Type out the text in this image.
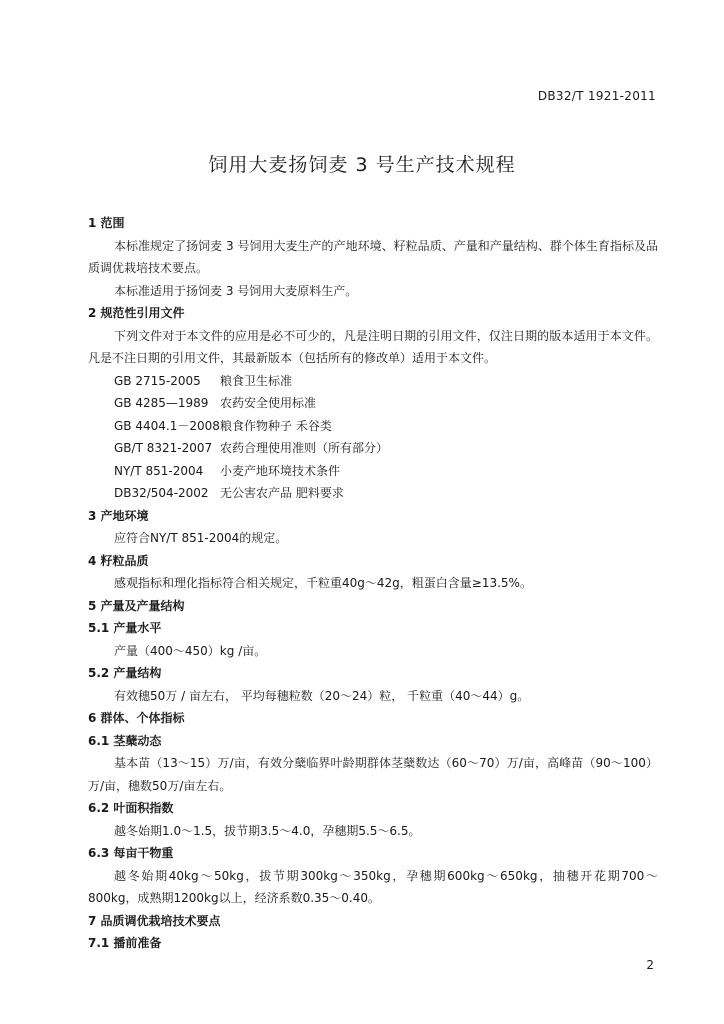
DB32/T 1921-2011
饲用大麦扬饲麦 3 号生产技术规程
1 范围
本标准规定了扬饲麦 3 号饲用大麦生产的产地环境、籽粒品质、产量和产量结构、群个体生育指标及品质调优栽培技术要点。
本标准适用于扬饲麦 3 号饲用大麦原料生产。
2 规范性引用文件
下列文件对于本文件的应用是必不可少的，凡是注明日期的引用文件，仅注日期的版本适用于本文件。凡是不注日期的引用文件，其最新版本（包括所有的修改单）适用于本文件。
GB 2715-2005	粮食卫生标准
GB 4285—1989 农药安全使用标准
GB 4404.1－2008 粮食作物种子 禾谷类
GB/T 8321-2007 农药合理使用准则（所有部分）
NY/T 851-2004	小麦产地环境技术条件
DB32/504-2002 无公害农产品 肥料要求
3 产地环境
应符合NY/T 851-2004的规定。
4 籽粒品质
感观指标和理化指标符合相关规定，千粒重40g～42g，粗蛋白含量≥13.5%。
5 产量及产量结构
5.1 产量水平
产量（400～450）kg /亩。
5.2 产量结构
有效穗50万 / 亩左右， 平均每穗粒数（20～24）粒， 千粒重（40～44）g。
6 群体、个体指标
6.1 茎蘖动态
基本苗（13～15）万/亩，有效分蘖临界叶龄期群体茎蘖数达（60～70）万/亩，高峰苗（90～100）万/亩，穗数50万/亩左右。
6.2 叶面积指数
越冬始期1.0～1.5，拔节期3.5～4.0，孕穗期5.5～6.5。
6.3 每亩干物重
越冬始期40kg～50kg，拔节期300kg～350kg，孕穗期600kg～650kg，抽穗开花期700～800kg，成熟期1200kg以上，经济系数0.35～0.40。
7 品质调优栽培技术要点
7.1 播前准备
2
